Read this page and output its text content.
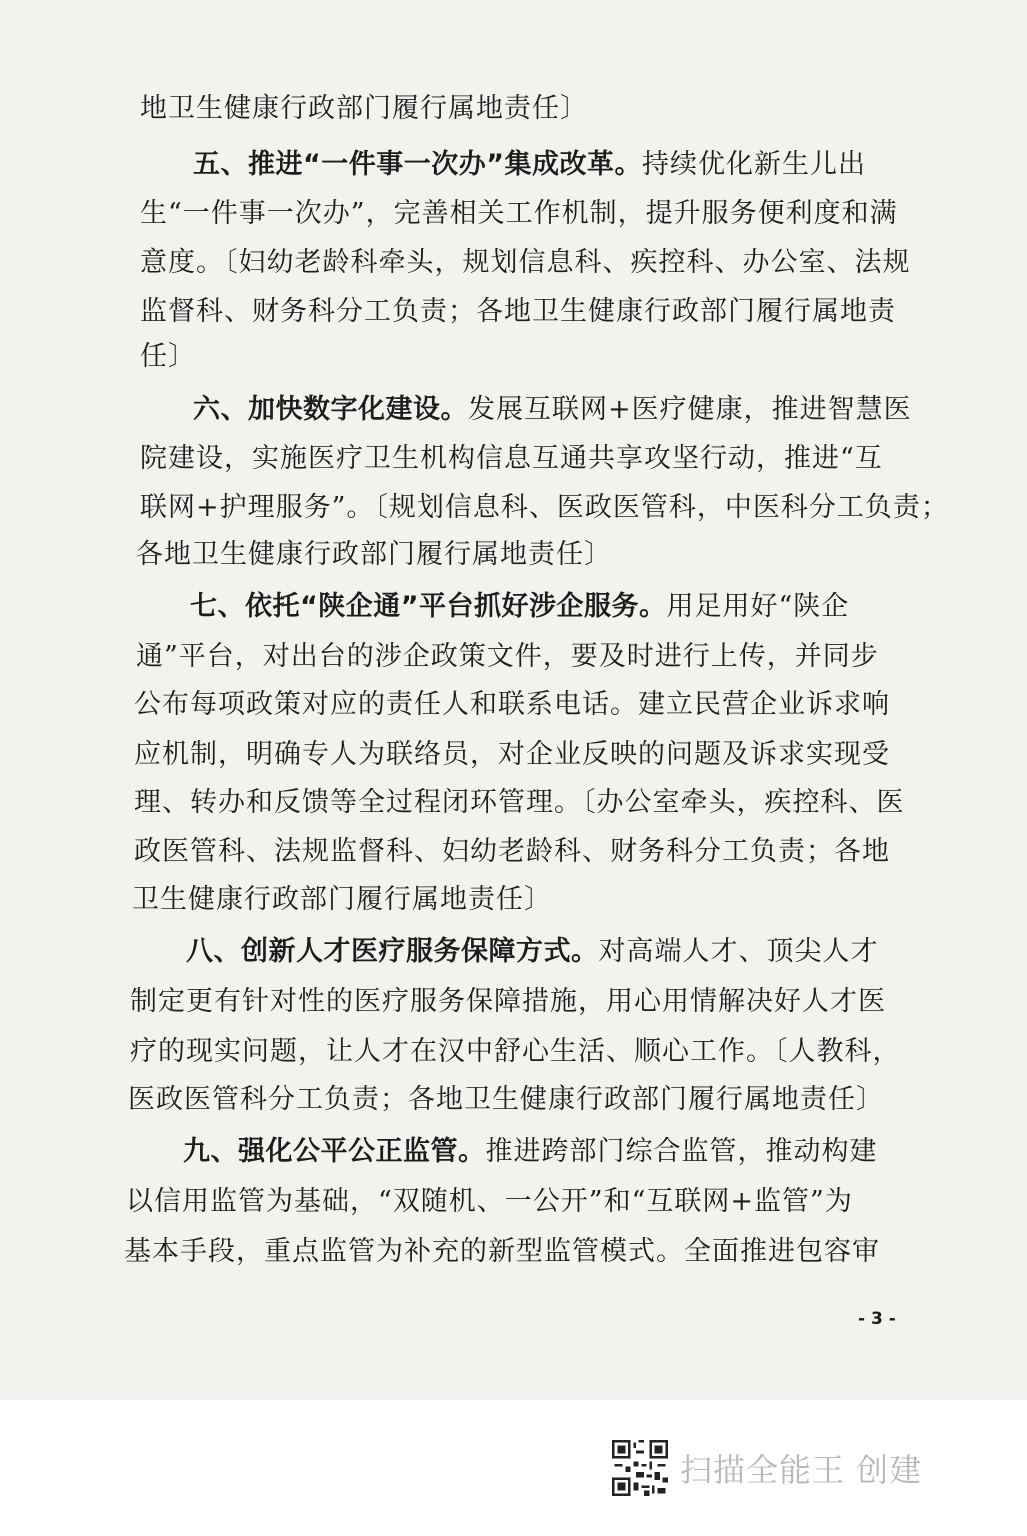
地卫生健康行政部门履行属地责任〕
五、推进“一件事一次办”集成改革。持续优化新生儿出
生“一件事一次办”，完善相关工作机制，提升服务便利度和满
意度。〔妇幼老龄科牵头，规划信息科、疾控科、办公室、法规
监督科、财务科分工负责；各地卫生健康行政部门履行属地责
任〕
六、加快数字化建设。发展互联网+医疗健康，推进智慧医
院建设，实施医疗卫生机构信息互通共享攻坚行动，推进“互
联网+护理服务”。〔规划信息科、医政医管科，中医科分工负责；
各地卫生健康行政部门履行属地责任〕
七、依托“陕企通”平台抓好涉企服务。用足用好“陕企
通”平台，对出台的涉企政策文件，要及时进行上传，并同步
公布每项政策对应的责任人和联系电话。建立民营企业诉求响
应机制，明确专人为联络员，对企业反映的问题及诉求实现受
理、转办和反馈等全过程闭环管理。〔办公室牵头，疾控科、医
政医管科、法规监督科、妇幼老龄科、财务科分工负责；各地
卫生健康行政部门履行属地责任〕
八、创新人才医疗服务保障方式。对高端人才、顶尖人才
制定更有针对性的医疗服务保障措施，用心用情解决好人才医
疗的现实问题，让人才在汉中舒心生活、顺心工作。〔人教科，
医政医管科分工负责；各地卫生健康行政部门履行属地责任〕
九、强化公平公正监管。推进跨部门综合监管，推动构建
以信用监管为基础，“双随机、一公开”和“互联网+监管”为
基本手段，重点监管为补充的新型监管模式。全面推进包容审
- 3 -
扫描全能王 创建
